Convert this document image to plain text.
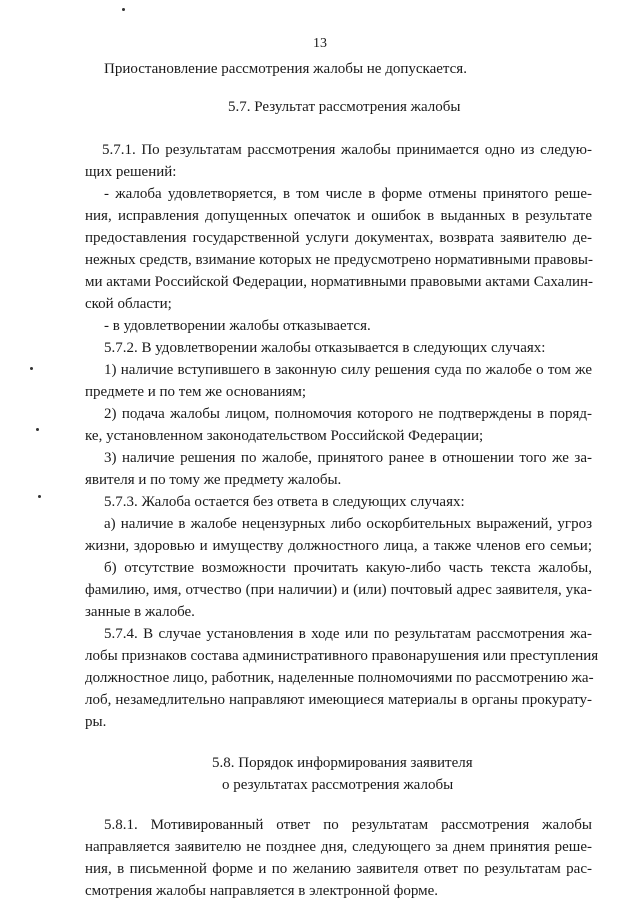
13
Приостановление рассмотрения жалобы не допускается.
5.7. Результат рассмотрения жалобы
5.7.1. По результатам рассмотрения жалобы принимается одно из следую-
щих решений:
- жалоба удовлетворяется, в том числе в форме отмены принятого реше-
ния, исправления допущенных опечаток и ошибок в выданных в результате
предоставления государственной услуги документах, возврата заявителю де-
нежных средств, взимание которых не предусмотрено нормативными правовы-
ми актами Российской Федерации, нормативными правовыми актами Сахалин-
ской области;
- в удовлетворении жалобы отказывается.
5.7.2. В удовлетворении жалобы отказывается в следующих случаях:
1) наличие вступившего в законную силу решения суда по жалобе о том же
предмете и по тем же основаниям;
2) подача жалобы лицом, полномочия которого не подтверждены в поряд-
ке, установленном законодательством Российской Федерации;
3) наличие решения по жалобе, принятого ранее в отношении того же за-
явителя и по тому же предмету жалобы.
5.7.3. Жалоба остается без ответа в следующих случаях:
а) наличие в жалобе нецензурных либо оскорбительных выражений, угроз
жизни, здоровью и имуществу должностного лица, а также членов его семьи;
б) отсутствие возможности прочитать какую-либо часть текста жалобы,
фамилию, имя, отчество (при наличии) и (или) почтовый адрес заявителя, ука-
занные в жалобе.
5.7.4. В случае установления в ходе или по результатам рассмотрения жа-
лобы признаков состава административного правонарушения или преступления
должностное лицо, работник, наделенные полномочиями по рассмотрению жа-
лоб, незамедлительно направляют имеющиеся материалы в органы прокурату-
ры.
5.8. Порядок информирования заявителя
о результатах рассмотрения жалобы
5.8.1. Мотивированный ответ по результатам рассмотрения жалобы
направляется заявителю не позднее дня, следующего за днем принятия реше-
ния, в письменной форме и по желанию заявителя ответ по результатам рас-
смотрения жалобы направляется в электронной форме.
